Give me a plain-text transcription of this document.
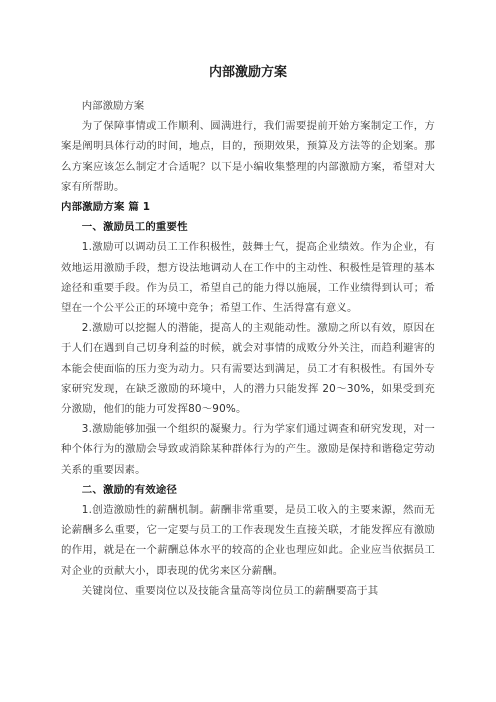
内部激励方案

内部激励方案

为了保障事情或工作顺利、圆满进行，我们需要提前开始方案制定工作，方案是阐明具体行动的时间，地点，目的，预期效果，预算及方法等的企划案。那么方案应该怎么制定才合适呢？以下是小编收集整理的内部激励方案，希望对大家有所帮助。

内部激励方案 篇 1

一、激励员工的重要性

1.激励可以调动员工工作积极性，鼓舞士气，提高企业绩效。作为企业，有效地运用激励手段，想方设法地调动人在工作中的主动性、积极性是管理的基本途径和重要手段。作为员工，希望自己的能力得以施展，工作业绩得到认可；希望在一个公平公正的环境中竞争；希望工作、生活得富有意义。

2.激励可以挖掘人的潜能，提高人的主观能动性。激励之所以有效，原因在于人们在遇到自己切身利益的时候，就会对事情的成败分外关注，而趋利避害的本能会使面临的压力变为动力。只有需要达到满足，员工才有积极性。有国外专家研究发现，在缺乏激励的环境中，人的潜力只能发挥 20～30%，如果受到充分激励，他们的能力可发挥80～90%。

3.激励能够加强一个组织的凝聚力。行为学家们通过调查和研究发现，对一种个体行为的激励会导致或消除某种群体行为的产生。激励是保持和谐稳定劳动关系的重要因素。

二、激励的有效途径

1.创造激励性的薪酬机制。薪酬非常重要，是员工收入的主要来源，然而无论薪酬多么重要，它一定要与员工的工作表现发生直接关联，才能发挥应有激励的作用，就是在一个薪酬总体水平的较高的企业也理应如此。企业应当依据员工对企业的贡献大小，即表现的优劣来区分薪酬。

关键岗位、重要岗位以及技能含量高等岗位员工的薪酬要高于其
